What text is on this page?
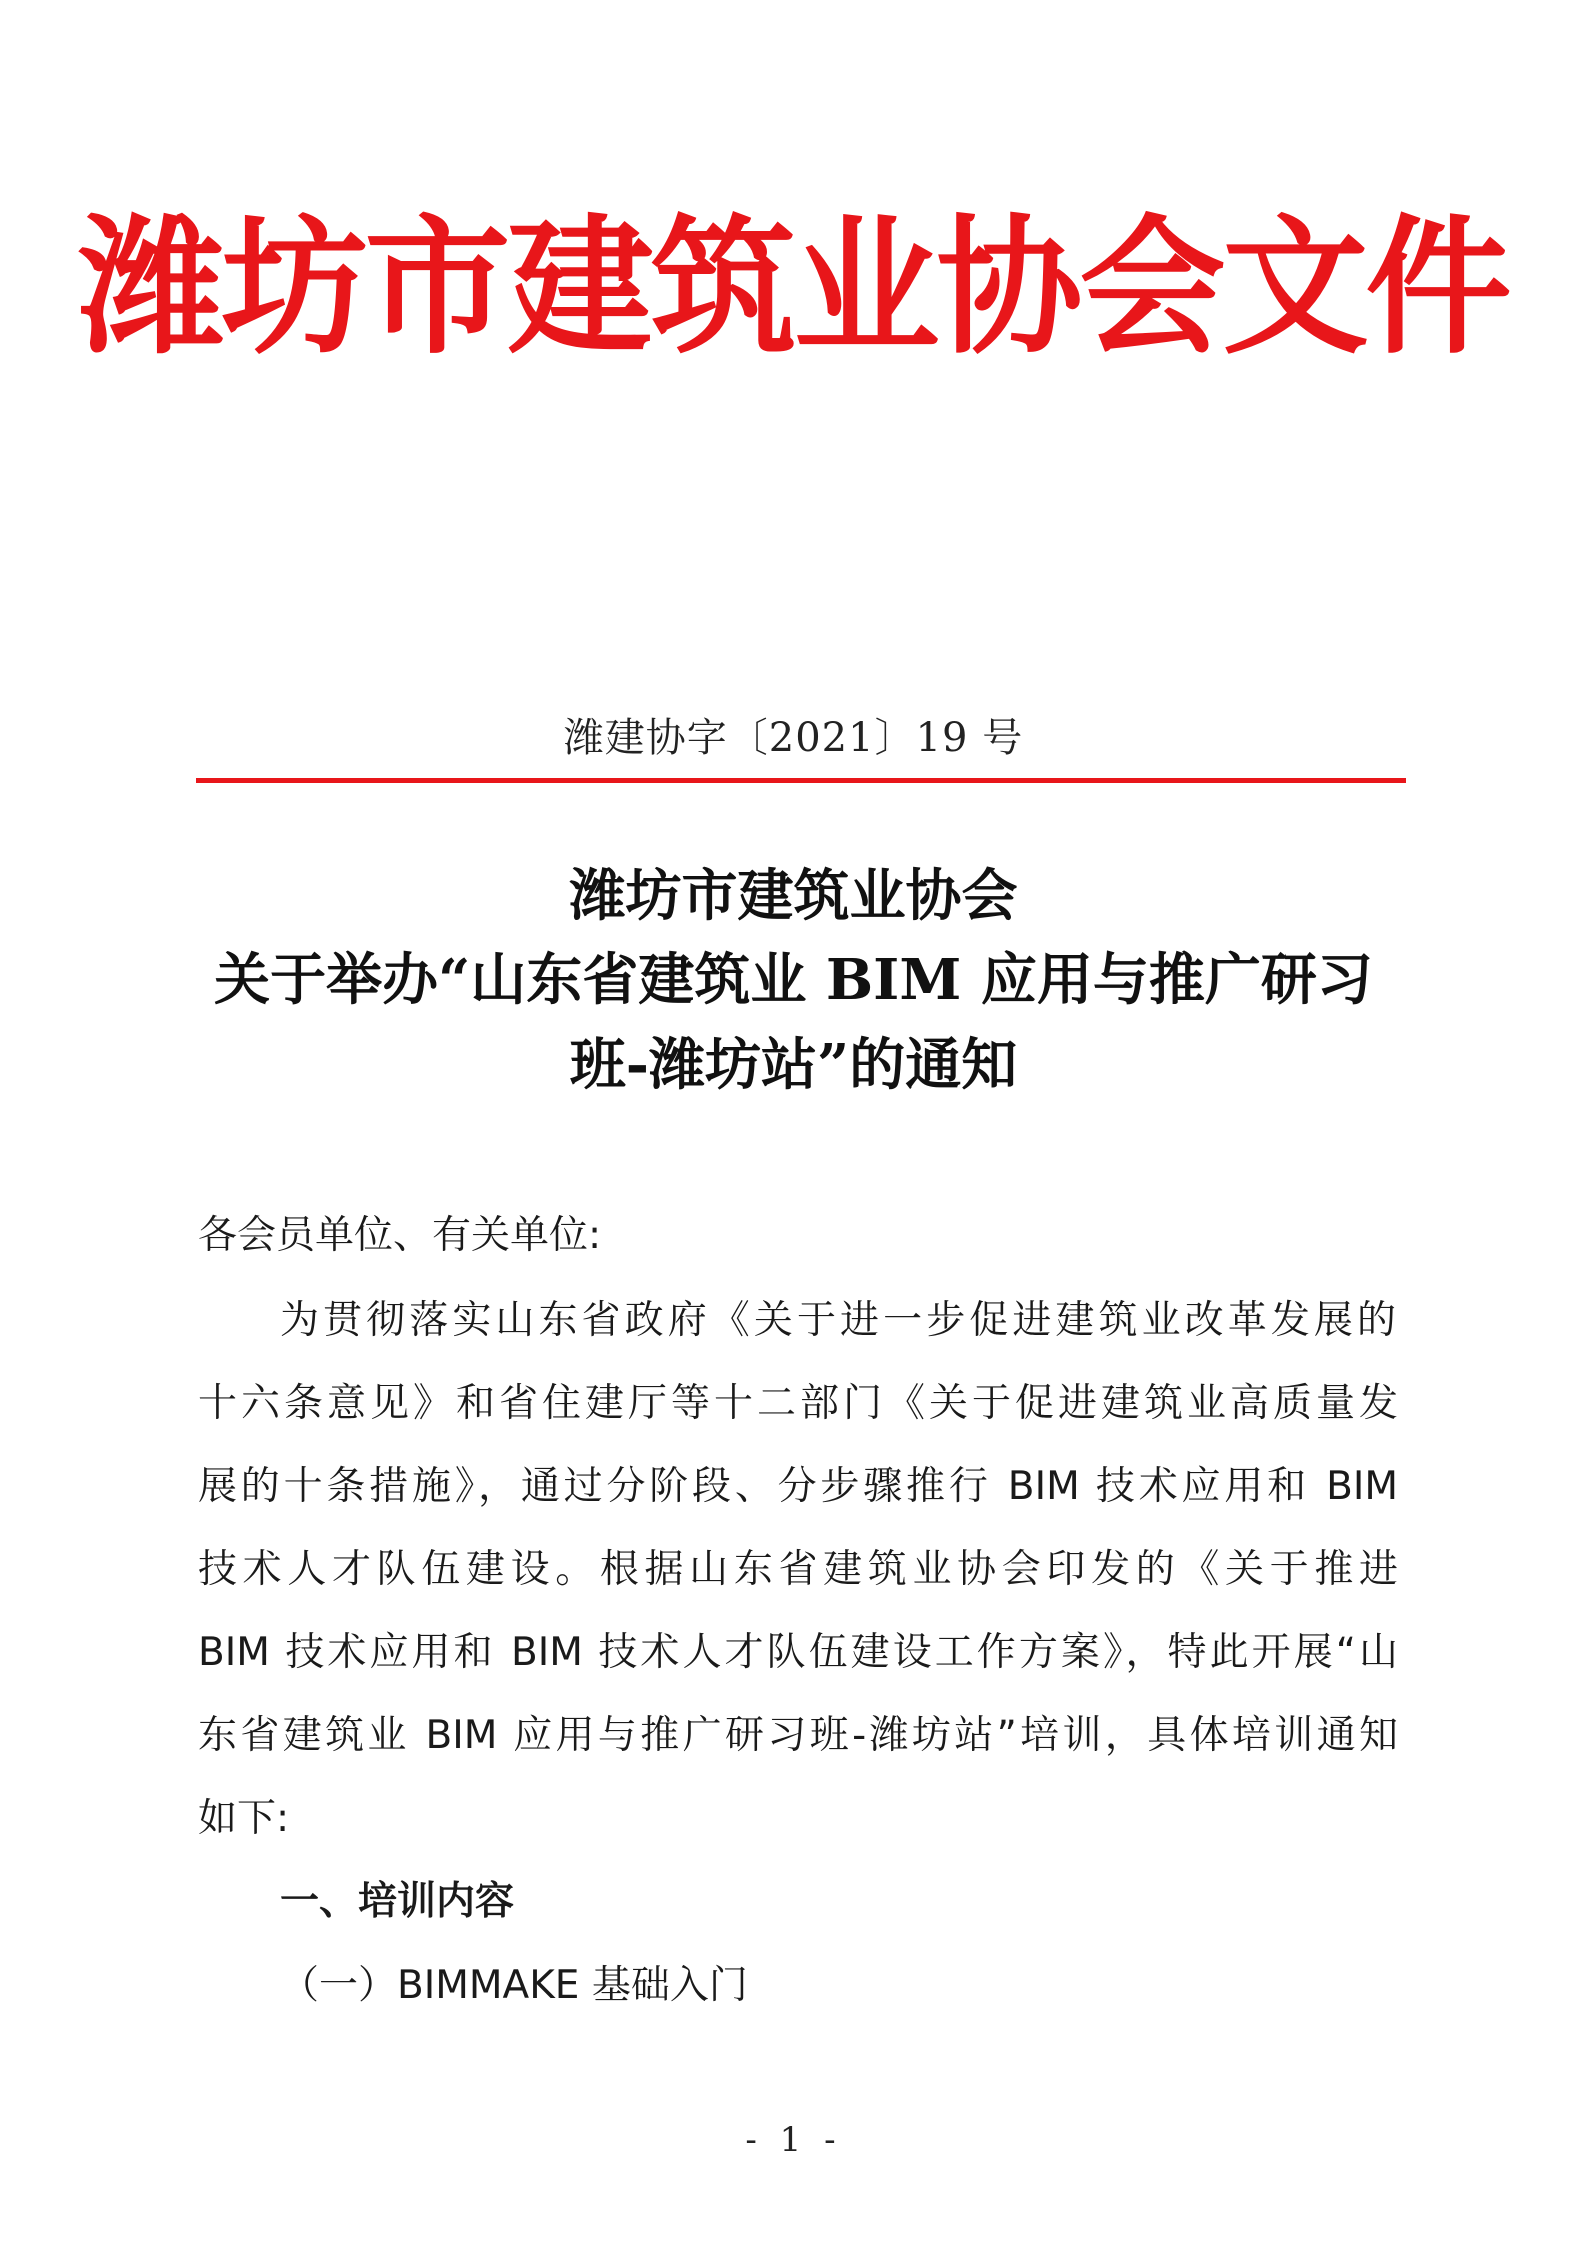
潍坊市建筑业协会文件
潍建协字〔2021〕19 号
潍坊市建筑业协会
关于举办“山东省建筑业 BIM 应用与推广研习
班-潍坊站”的通知
各会员单位、有关单位:
为贯彻落实山东省政府《关于进一步促进建筑业改革发展的
十六条意见》和省住建厅等十二部门《关于促进建筑业高质量发
展的十条措施》，通过分阶段、分步骤推行 BIM 技术应用和 BIM
技术人才队伍建设。根据山东省建筑业协会印发的《关于推进
BIM 技术应用和 BIM 技术人才队伍建设工作方案》，特此开展“山
东省建筑业 BIM 应用与推广研习班-潍坊站”培训，具体培训通知
如下:
一、培训内容
（一）BIMMAKE 基础入门
- 1 -
